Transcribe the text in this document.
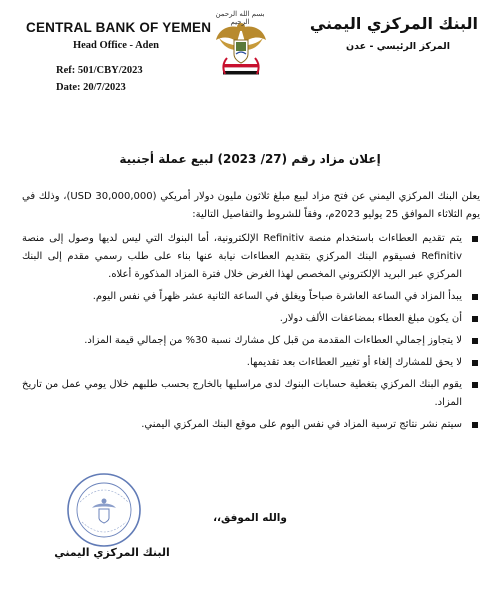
CENTRAL BANK OF YEMEN
Head Office - Aden
Ref: 501/CBY/2023
Date: 20/7/2023
بسم الله الرحمن الرحيم	البنك المركزي اليمني
المركز الرئيسي - عدن
إعلان مزاد رقم (27/ 2023) لبيع عملة أجنبية

يعلن البنك المركزي اليمني عن فتح مزاد لبيع مبلغ ثلاثون مليون دولار أمريكي (30,000,000 USD)، وذلك في يوم الثلاثاء الموافق 25 يوليو 2023م، وفقاً للشروط والتفاصيل التالية:

يتم تقديم العطاءات باستخدام منصة Refinitiv الإلكترونية، أما البنوك التي ليس لديها وصول إلى منصة Refinitiv فسيقوم البنك المركزي بتقديم العطاءات نيابة عنها بناء على طلب رسمي مقدم إلى البنك المركزي عبر البريد الإلكتروني المخصص لهذا الغرض خلال فترة المزاد المذكورة أعلاه.
يبدأ المزاد في الساعة العاشرة صباحاً ويغلق في الساعة الثانية عشر ظهراً في نفس اليوم.
أن يكون مبلغ العطاء بمضاعفات الألف دولار.
لا يتجاوز إجمالي العطاءات المقدمة من قبل كل مشارك نسبة 30% من إجمالي قيمة المزاد.
لا يحق للمشارك إلغاء أو تغيير العطاءات بعد تقديمها.
يقوم البنك المركزي بتغطية حسابات البنوك لدى مراسليها بالخارج بحسب طلبهم خلال يومي عمل من تاريخ المزاد.
سيتم نشر نتائج ترسية المزاد في نفس اليوم على موقع البنك المركزي اليمني.
والله الموفق،،
البنك المركزي اليمني
